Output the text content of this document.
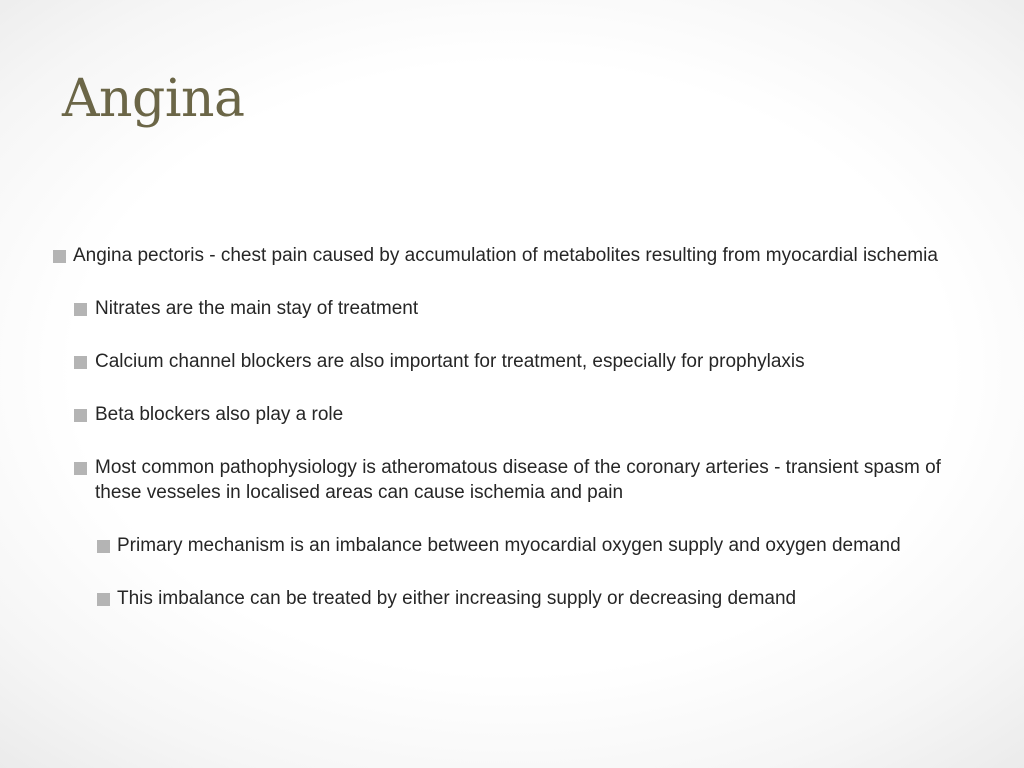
Angina
Angina pectoris - chest pain caused by accumulation of metabolites resulting from myocardial ischemia
Nitrates are the main stay of treatment
Calcium channel blockers are also important for treatment, especially for prophylaxis
Beta blockers also play a role
Most common pathophysiology is atheromatous disease of the coronary arteries - transient spasm of these vesseles in localised areas can cause ischemia and pain
Primary mechanism is an imbalance between myocardial oxygen supply and oxygen demand
This imbalance can be treated by either increasing supply or decreasing demand
